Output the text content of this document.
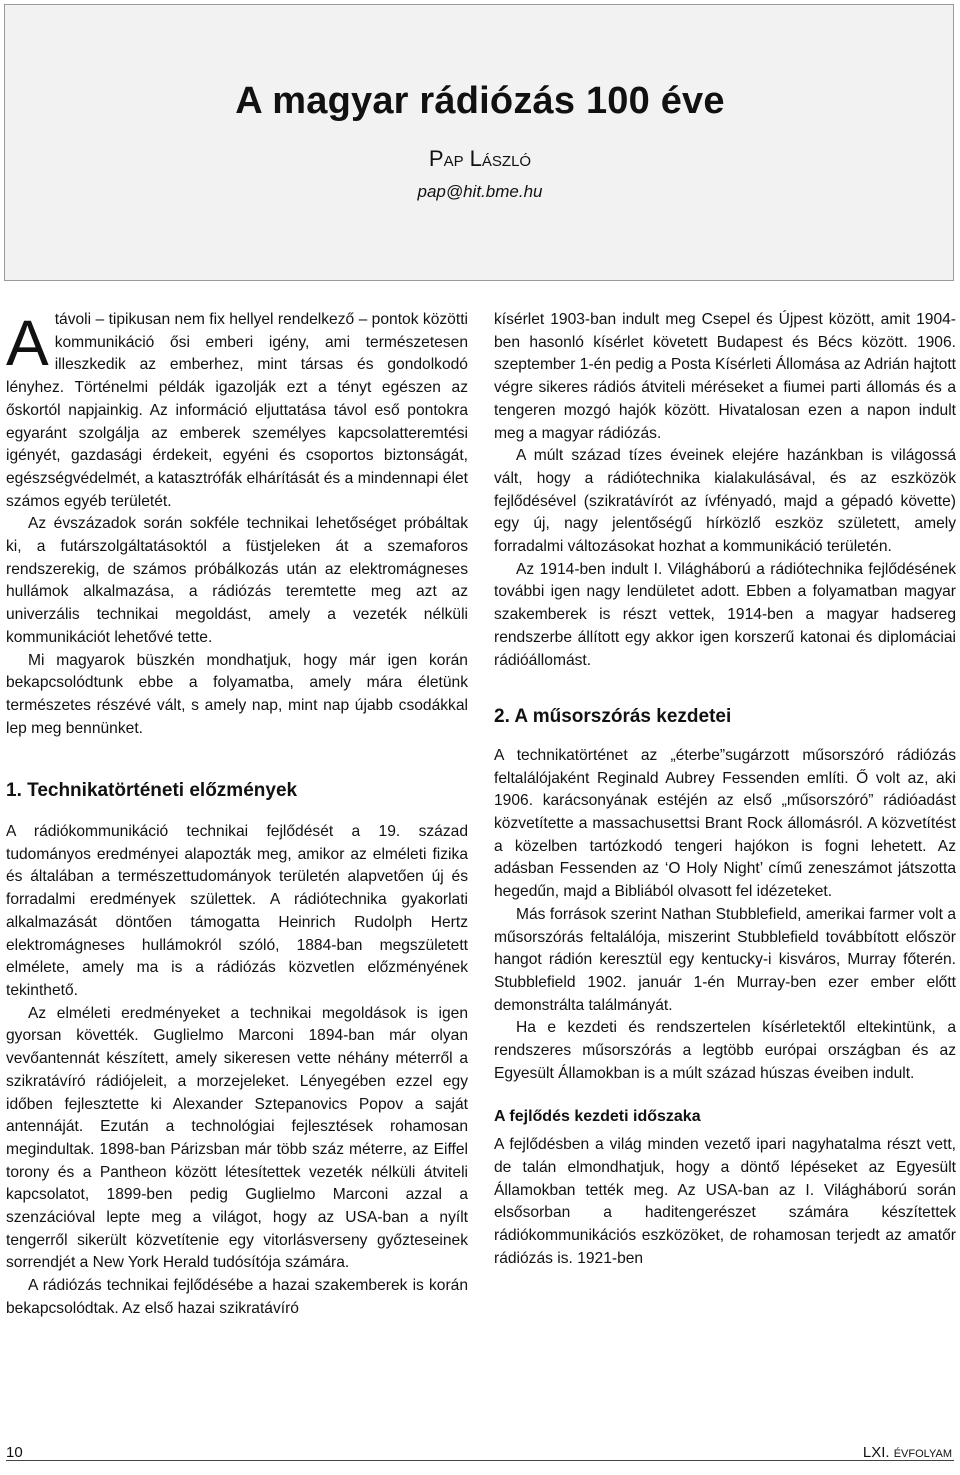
A magyar rádiózás 100 éve

Pap László

pap@hit.bme.hu

Atávoli – tipikusan nem fix hellyel rendelkező – pontok közötti kommunikáció ősi emberi igény, ami természetesen illeszkedik az emberhez, mint társas és gondolkodó lényhez. Történelmi példák igazolják ezt a tényt egészen az őskortól napjainkig. Az információ eljuttatása távol eső pontokra egyaránt szolgálja az emberek személyes kapcsolatteremtési igényét, gazdasági érdekeit, egyéni és csoportos biztonságát, egészségvédelmét, a katasztrófák elhárítását és a mindennapi élet számos egyéb területét.

Az évszázadok során sokféle technikai lehetőséget próbáltak ki, a futárszolgáltatásoktól a füstjeleken át a szemaforos rendszerekig, de számos próbálkozás után az elektromágneses hullámok alkalmazása, a rádiózás teremtette meg azt az univerzális technikai megoldást, amely a vezeték nélküli kommunikációt lehetővé tette.

Mi magyarok büszkén mondhatjuk, hogy már igen korán bekapcsolódtunk ebbe a folyamatba, amely mára életünk természetes részévé vált, s amely nap, mint nap újabb csodákkal lep meg bennünket.

1. Technikatörténeti előzmények

A rádiókommunikáció technikai fejlődését a 19. század tudományos eredményei alapozták meg, amikor az elméleti fizika és általában a természettudományok területén alapvetően új és forradalmi eredmények születtek. A rádiótechnika gyakorlati alkalmazását döntően támogatta Heinrich Rudolph Hertz elektromágneses hullámokról szóló, 1884-ban megszületett elmélete, amely ma is a rádiózás közvetlen előzményének tekinthető.

Az elméleti eredményeket a technikai megoldások is igen gyorsan követték. Guglielmo Marconi 1894-ban már olyan vevőantennát készített, amely sikeresen vette néhány méterről a szikratávíró rádiójeleit, a morzejeleket. Lényegében ezzel egy időben fejlesztette ki Alexander Sztepanovics Popov a saját antennáját. Ezután a technológiai fejlesztések rohamosan megindultak. 1898-ban Párizsban már több száz méterre, az Eiffel torony és a Pantheon között létesítettek vezeték nélküli átviteli kapcsolatot, 1899-ben pedig Guglielmo Marconi azzal a szenzációval lepte meg a világot, hogy az USA-ban a nyílt tengerről sikerült közvetítenie egy vitorlásverseny győzteseinek sorrendjét a New York Herald tudósítója számára.

A rádiózás technikai fejlődésébe a hazai szakemberek is korán bekapcsolódtak. Az első hazai szikratávíró

kísérlet 1903-ban indult meg Csepel és Újpest között, amit 1904-ben hasonló kísérlet követett Budapest és Bécs között. 1906. szeptember 1-én pedig a Posta Kísérleti Állomása az Adrián hajtott végre sikeres rádiós átviteli méréseket a fiumei parti állomás és a tengeren mozgó hajók között. Hivatalosan ezen a napon indult meg a magyar rádiózás.

A múlt század tízes éveinek elejére hazánkban is világossá vált, hogy a rádiótechnika kialakulásával, és az eszközök fejlődésével (szikratávírót az ívfényadó, majd a gépadó követte) egy új, nagy jelentőségű hírközlő eszköz született, amely forradalmi változásokat hozhat a kommunikáció területén.

Az 1914-ben indult I. Világháború a rádiótechnika fejlődésének további igen nagy lendületet adott. Ebben a folyamatban magyar szakemberek is részt vettek, 1914-ben a magyar hadsereg rendszerbe állított egy akkor igen korszerű katonai és diplomáciai rádióállomást.

2. A műsorszórás kezdetei

A technikatörténet az „éterbe”sugárzott műsorszóró rádiózás feltalálójaként Reginald Aubrey Fessenden említi. Ő volt az, aki 1906. karácsonyának estéjén az első „műsorszóró” rádióadást közvetítette a massachusettsi Brant Rock állomásról. A közvetítést a közelben tartózkodó tengeri hajókon is fogni lehetett. Az adásban Fessenden az ‘O Holy Night’ című zeneszámot játszotta hegedűn, majd a Bibliából olvasott fel idézeteket.

Más források szerint Nathan Stubblefield, amerikai farmer volt a műsorszórás feltalálója, miszerint Stubblefield továbbított először hangot rádión keresztül egy kentucky-i kisváros, Murray főterén. Stubblefield 1902. január 1-én Murray-ben ezer ember előtt demonstrálta találmányát.

Ha e kezdeti és rendszertelen kísérletektől eltekintünk, a rendszeres műsorszórás a legtöbb európai országban és az Egyesült Államokban is a múlt század húszas éveiben indult.

A fejlődés kezdeti időszaka

A fejlődésben a világ minden vezető ipari nagyhatalma részt vett, de talán elmondhatjuk, hogy a döntő lépéseket az Egyesült Államokban tették meg. Az USA-ban az I. Világháború során elsősorban a haditengerészet számára készítettek rádiókommunikációs eszközöket, de rohamosan terjedt az amatőr rádiózás is. 1921-ben

10	LXI. évfolyam
